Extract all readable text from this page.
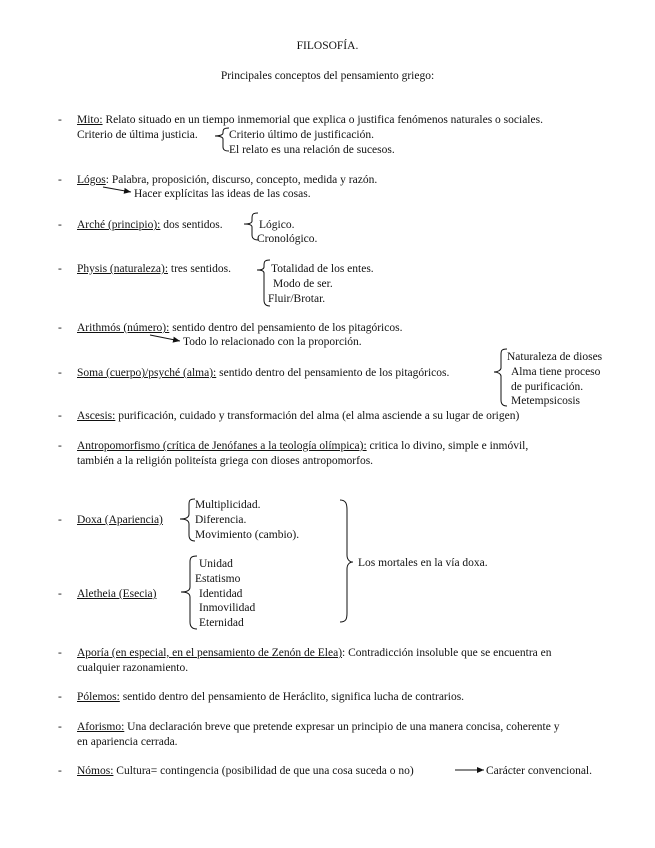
FILOSOFÍA.
Principales conceptos del pensamiento griego:
- Mito: Relato situado en un tiempo inmemorial que explica o justifica fenómenos naturales o sociales.
Criterio de última justicia.	Criterio último de justificación.
El relato es una relación de sucesos.
- Lógos: Palabra, proposición, discurso, concepto, medida y razón.
Hacer explícitas las ideas de las cosas.
- Arché (principio): dos sentidos.	Lógico.
Cronológico.
- Physis (naturaleza): tres sentidos.	Totalidad de los entes.
Modo de ser.
Fluir/Brotar.
- Arithmós (número): sentido dentro del pensamiento de los pitagóricos.
Todo lo relacionado con la proporción.
- Soma (cuerpo)/psyché (alma): sentido dentro del pensamiento de los pitagóricos.
Naturaleza de dioses
Alma tiene proceso
de purificación.
Metempsicosis
- Ascesis: purificación, cuidado y transformación del alma (el alma asciende a su lugar de origen)
- Antropomorfismo (crítica de Jenófanes a la teología olímpica): critica lo divino, simple e inmóvil,
también a la religión politeísta griega con dioses antropomorfos.
Multiplicidad.
- Doxa (Apariencia)	Diferencia.
Movimiento (cambio).
Los mortales en la vía doxa.
Unidad
Estatismo
- Aletheia (Esecia)	Identidad
Inmovilidad
Eternidad
- Aporía (en especial, en el pensamiento de Zenón de Elea): Contradicción insoluble que se encuentra en
cualquier razonamiento.
- Pólemos: sentido dentro del pensamiento de Heráclito, significa lucha de contrarios.
- Aforismo: Una declaración breve que pretende expresar un principio de una manera concisa, coherente y
en apariencia cerrada.
- Nómos: Cultura= contingencia (posibilidad de que una cosa suceda o no)	Carácter convencional.
